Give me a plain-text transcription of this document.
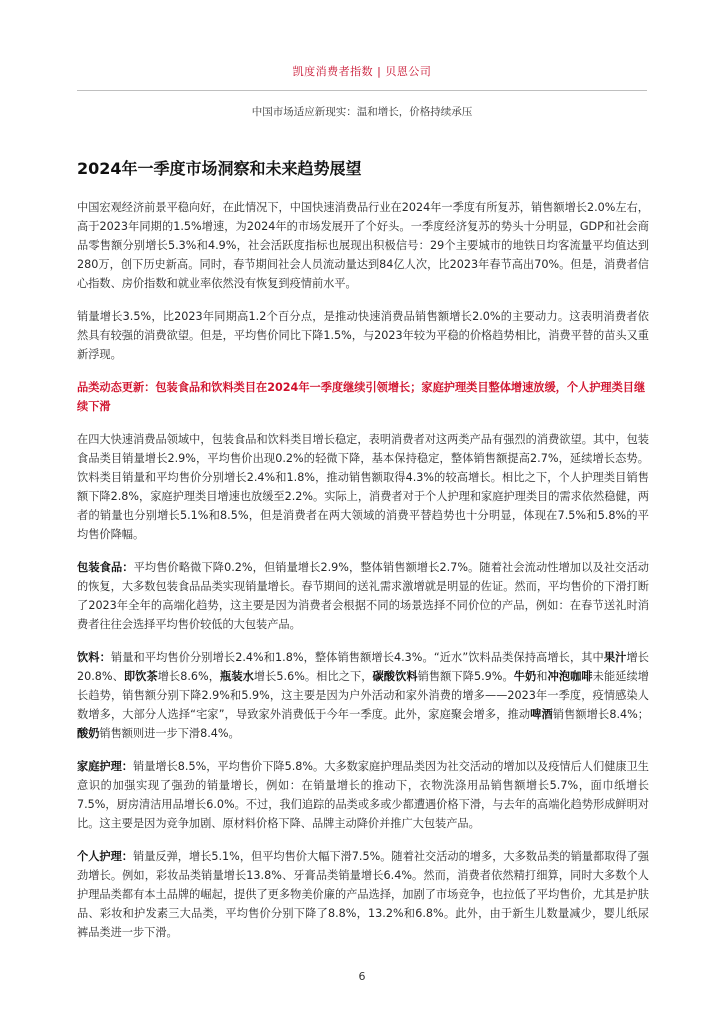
凯度消费者指数 | 贝恩公司
中国市场适应新现实：温和增长，价格持续承压
2024年一季度市场洞察和未来趋势展望

中国宏观经济前景平稳向好，在此情况下，中国快速消费品行业在2024年一季度有所复苏，销售额增长2.0%左右，高于2023年同期的1.5%增速，为2024年的市场发展开了个好头。一季度经济复苏的势头十分明显，GDP和社会商品零售额分别增长5.3%和4.9%，社会活跃度指标也展现出积极信号：29个主要城市的地铁日均客流量平均值达到280万，创下历史新高。同时，春节期间社会人员流动量达到84亿人次，比2023年春节高出70%。但是，消费者信心指数、房价指数和就业率依然没有恢复到疫情前水平。

销量增长3.5%，比2023年同期高1.2个百分点，是推动快速消费品销售额增长2.0%的主要动力。这表明消费者依然具有较强的消费欲望。但是，平均售价同比下降1.5%，与2023年较为平稳的价格趋势相比，消费平替的苗头又重新浮现。

品类动态更新：包装食品和饮料类目在2024年一季度继续引领增长；家庭护理类目整体增速放缓，个人护理类目继续下滑

在四大快速消费品领域中，包装食品和饮料类目增长稳定，表明消费者对这两类产品有强烈的消费欲望。其中，包装食品类目销量增长2.9%，平均售价出现0.2%的轻微下降，基本保持稳定，整体销售额提高2.7%，延续增长态势。饮料类目销量和平均售价分别增长2.4%和1.8%，推动销售额取得4.3%的较高增长。相比之下，个人护理类目销售额下降2.8%，家庭护理类目增速也放缓至2.2%。实际上，消费者对于个人护理和家庭护理类目的需求依然稳健，两者的销量也分别增长5.1%和8.5%，但是消费者在两大领域的消费平替趋势也十分明显，体现在7.5%和5.8%的平均售价降幅。

包装食品：平均售价略微下降0.2%，但销量增长2.9%，整体销售额增长2.7%。随着社会流动性增加以及社交活动的恢复，大多数包装食品品类实现销量增长。春节期间的送礼需求激增就是明显的佐证。然而，平均售价的下滑打断了2023年全年的高端化趋势，这主要是因为消费者会根据不同的场景选择不同价位的产品，例如：在春节送礼时消费者往往会选择平均售价较低的大包装产品。

饮料：销量和平均售价分别增长2.4%和1.8%，整体销售额增长4.3%。“近水”饮料品类保持高增长，其中果汁增长20.8%、即饮茶增长8.6%，瓶装水增长5.6%。相比之下，碳酸饮料销售额下降5.9%。牛奶和冲泡咖啡未能延续增长趋势，销售额分别下降2.9%和5.9%，这主要是因为户外活动和家外消费的增多——2023年一季度，疫情感染人数增多，大部分人选择“宅家”，导致家外消费低于今年一季度。此外，家庭聚会增多，推动啤酒销售额增长8.4%；酸奶销售额则进一步下滑8.4%。

家庭护理：销量增长8.5%，平均售价下降5.8%。大多数家庭护理品类因为社交活动的增加以及疫情后人们健康卫生意识的加强实现了强劲的销量增长，例如：在销量增长的推动下，衣物洗涤用品销售额增长5.7%，面巾纸增长7.5%，厨房清洁用品增长6.0%。不过，我们追踪的品类或多或少都遭遇价格下滑，与去年的高端化趋势形成鲜明对比。这主要是因为竞争加剧、原材料价格下降、品牌主动降价并推广大包装产品。

个人护理：销量反弹，增长5.1%，但平均售价大幅下滑7.5%。随着社交活动的增多，大多数品类的销量都取得了强劲增长。例如，彩妆品类销量增长13.8%、牙膏品类销量增长6.4%。然而，消费者依然精打细算，同时大多数个人护理品类都有本土品牌的崛起，提供了更多物美价廉的产品选择，加剧了市场竞争，也拉低了平均售价，尤其是护肤品、彩妆和护发素三大品类，平均售价分别下降了8.8%，13.2%和6.8%。此外，由于新生儿数量减少，婴儿纸尿裤品类进一步下滑。

6
